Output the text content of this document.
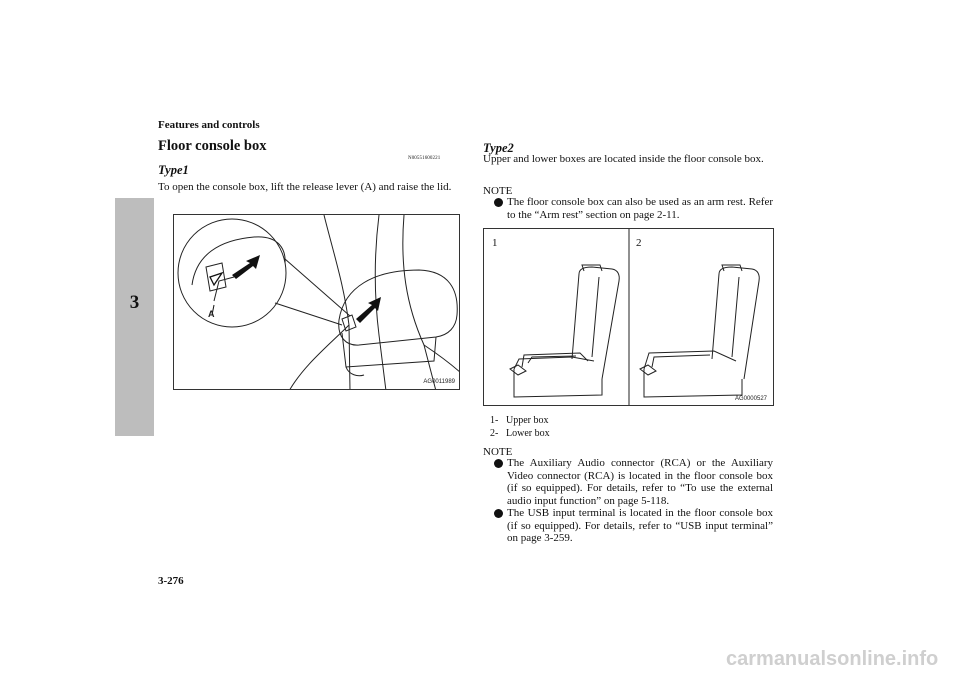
3
Features and controls
Floor console box
N00551600221
Type1
To open the console box, lift the release lever (A) and raise the lid.
A
AG0011989
Type2
Upper and lower boxes are located inside the floor console box.
NOTE
The floor console box can also be used as an arm rest. Refer to the “Arm rest” section on page 2-11.
1	2
AG0000527
1- Upper box
2- Lower box
NOTE
The Auxiliary Audio connector (RCA) or the Auxiliary Video connector (RCA) is located in the floor console box (if so equipped). For details, refer to “To use the external audio input function” on page 5-118.
The USB input terminal is located in the floor console box (if so equipped). For details, refer to “USB input terminal” on page 3-259.
3-276
carmanualsonline.info
